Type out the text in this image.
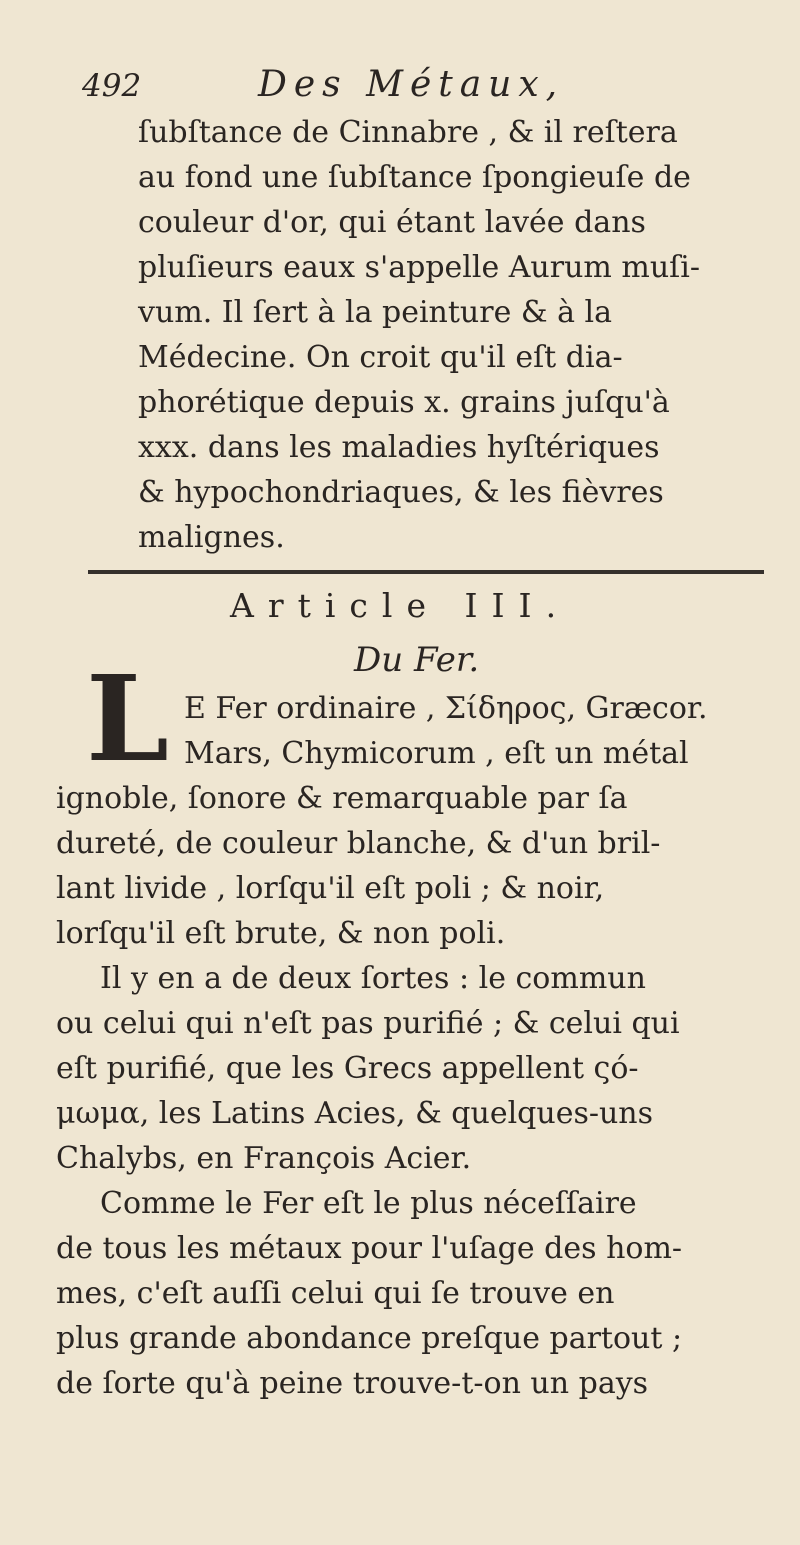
492	Des Métaux,
ſubſtance de Cinnabre , & il reſtera
au fond une ſubſtance ſpongieuſe de
couleur d'or, qui étant lavée dans
pluſieurs eaux s'appelle Aurum muſi-
vum. Il ſert à la peinture & à la
Médecine. On croit qu'il eſt dia-
phorétique depuis x. grains juſqu'à
xxx. dans les maladies hyſtériques
& hypochondriaques, & les fièvres
malignes.
Article III.
Du Fer.
L E Fer ordinaire , Σίδηρος, Græcor.
Mars, Chymicorum , eſt un métal
ignoble, ſonore & remarquable par ſa
dureté, de couleur blanche, & d'un bril-
lant livide , lorſqu'il eſt poli ; & noir,
lorſqu'il eſt brute, & non poli.
Il y en a de deux ſortes : le commun
ou celui qui n'eſt pas purifié ; & celui qui
eſt purifié, que les Grecs appellent ςό-
μωμα, les Latins Acies, & quelques-uns
Chalybs, en François Acier.
Comme le Fer eſt le plus néceſſaire
de tous les métaux pour l'uſage des hom-
mes, c'eſt auſſi celui qui ſe trouve en
plus grande abondance preſque partout ;
de ſorte qu'à peine trouve-t-on un pays
